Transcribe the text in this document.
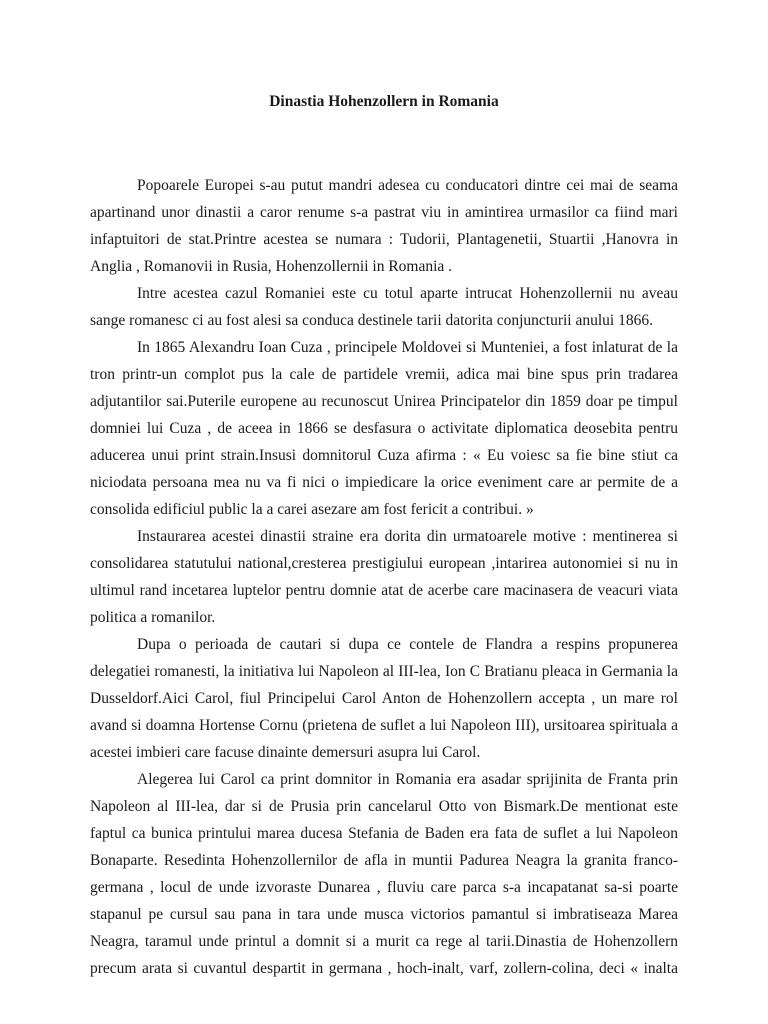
Dinastia Hohenzollern in Romania

Popoarele Europei s-au putut mandri adesea cu conducatori dintre cei mai de seama

apartinand unor dinastii a caror renume s-a pastrat viu in amintirea urmasilor ca fiind mari

infaptuitori de stat.Printre acestea se numara : Tudorii, Plantagenetii, Stuartii ,Hanovra in

Anglia , Romanovii in Rusia, Hohenzollernii in Romania .

Intre acestea cazul Romaniei este cu totul aparte intrucat Hohenzollernii nu aveau

sange romanesc ci au fost alesi sa conduca destinele tarii datorita conjuncturii anului 1866.

In 1865 Alexandru Ioan Cuza , principele Moldovei si Munteniei, a fost inlaturat de la

tron printr-un complot pus la cale de partidele vremii, adica mai bine spus prin tradarea

adjutantilor sai.Puterile europene au recunoscut Unirea Principatelor din 1859 doar pe timpul

domniei lui Cuza , de aceea in 1866 se desfasura o activitate diplomatica deosebita pentru

aducerea unui print strain.Insusi domnitorul Cuza afirma : « Eu voiesc sa fie bine stiut ca

niciodata persoana mea nu va fi nici o impiedicare la orice eveniment care ar permite de a

consolida edificiul public la a carei asezare am fost fericit a contribui. »

Instaurarea acestei dinastii straine era dorita din urmatoarele motive : mentinerea si

consolidarea statutului national,cresterea prestigiului european ,intarirea autonomiei si nu in

ultimul rand incetarea luptelor pentru domnie atat de acerbe care macinasera de veacuri viata

politica a romanilor.

Dupa o perioada de cautari si dupa ce contele de Flandra a respins propunerea

delegatiei romanesti, la initiativa lui Napoleon al III-lea, Ion C Bratianu pleaca in Germania la

Dusseldorf.Aici Carol, fiul Principelui Carol Anton de Hohenzollern accepta , un mare rol

avand si doamna Hortense Cornu (prietena de suflet a lui Napoleon III), ursitoarea spirituala a

acestei imbieri care facuse dinainte demersuri asupra lui Carol.

Alegerea lui Carol ca print domnitor in Romania era asadar sprijinita de Franta prin

Napoleon al III-lea, dar si de Prusia prin cancelarul Otto von Bismark.De mentionat este

faptul ca bunica printului marea ducesa Stefania de Baden era fata de suflet a lui Napoleon

Bonaparte. Resedinta Hohenzollernilor de afla in muntii Padurea Neagra la granita franco-

germana , locul de unde izvoraste Dunarea , fluviu care parca s-a incapatanat sa-si poarte

stapanul pe cursul sau pana in tara unde musca victorios pamantul si imbratiseaza Marea

Neagra, taramul unde printul a domnit si a murit ca rege al tarii.Dinastia de Hohenzollern

precum arata si cuvantul despartit in germana , hoch-inalt, varf, zollern-colina, deci « inalta
